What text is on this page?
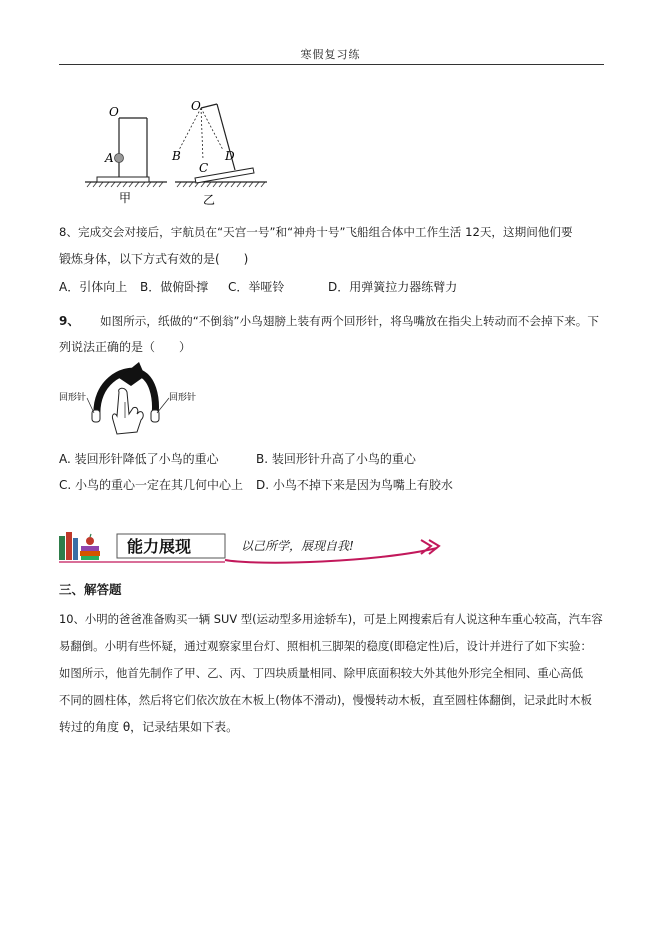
寒假复习练
O
A
甲
O
B
C
D
乙
8、完成交会对接后，宇航员在“天宫一号”和“神舟十号”飞船组合体中工作生活 12天，这期间他们要
锻炼身体，以下方式有效的是(　　)
A．引体向上 B．做俯卧撑 C．举哑铃	D．用弹簧拉力器练臂力
9、 如图所示，纸做的“不倒翁”小鸟翅膀上装有两个回形针，将鸟嘴放在指尖上转动而不会掉下来。下
列说法正确的是（　　）
回形针	回形针
A. 装回形针降低了小鸟的重心	B. 装回形针升高了小鸟的重心
C. 小鸟的重心一定在其几何中心上 D. 小鸟不掉下来是因为鸟嘴上有胶水
能力展现	以己所学，展现自我!
三、解答题
10、小明的爸爸准备购买一辆 SUV 型(运动型多用途轿车)，可是上网搜索后有人说这种车重心较高，汽车容
易翻倒。小明有些怀疑，通过观察家里台灯、照相机三脚架的稳度(即稳定性)后，设计并进行了如下实验：
如图所示，他首先制作了甲、乙、丙、丁四块质量相同、除甲底面积较大外其他外形完全相同、重心高低
不同的圆柱体，然后将它们依次放在木板上(物体不滑动)，慢慢转动木板，直至圆柱体翻倒，记录此时木板
转过的角度 θ，记录结果如下表。
